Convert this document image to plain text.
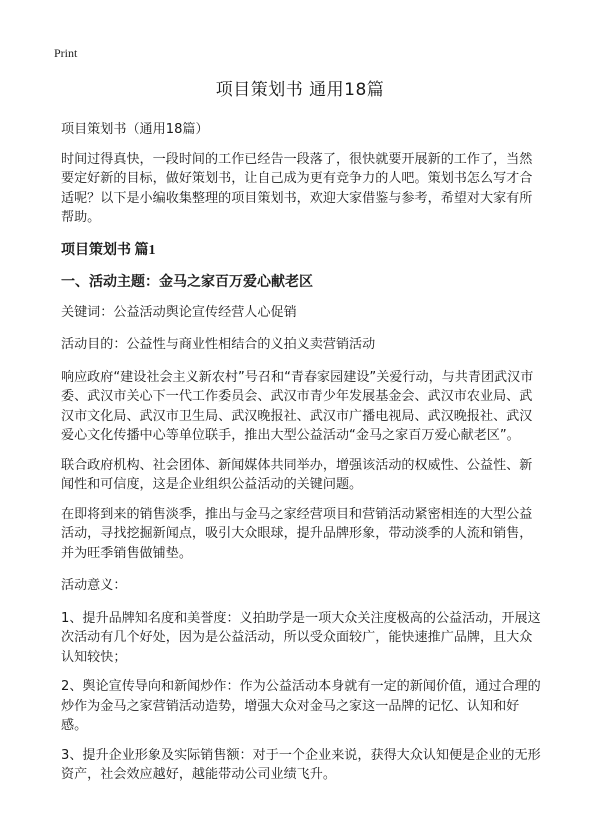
Print
项目策划书 通用18篇

项目策划书（通用18篇）

时间过得真快，一段时间的工作已经告一段落了，很快就要开展新的工作了，当然要定好新的目标，做好策划书，让自己成为更有竞争力的人吧。策划书怎么写才合适呢？以下是小编收集整理的项目策划书，欢迎大家借鉴与参考，希望对大家有所帮助。

项目策划书 篇1

一、活动主题：金马之家百万爱心献老区

关键词：公益活动舆论宣传经营人心促销

活动目的：公益性与商业性相结合的义拍义卖营销活动

响应政府“建设社会主义新农村”号召和“青春家园建设”关爱行动，与共青团武汉市委、武汉市关心下一代工作委员会、武汉市青少年发展基金会、武汉市农业局、武汉市文化局、武汉市卫生局、武汉晚报社、武汉市广播电视局、武汉晚报社、武汉爱心文化传播中心等单位联手，推出大型公益活动“金马之家百万爱心献老区”。

联合政府机构、社会团体、新闻媒体共同举办，增强该活动的权威性、公益性、新闻性和可信度，这是企业组织公益活动的关键问题。

在即将到来的销售淡季，推出与金马之家经营项目和营销活动紧密相连的大型公益活动，寻找挖掘新闻点，吸引大众眼球，提升品牌形象，带动淡季的人流和销售，并为旺季销售做铺垫。

活动意义：

1、提升品牌知名度和美誉度：义拍助学是一项大众关注度极高的公益活动，开展这次活动有几个好处，因为是公益活动，所以受众面较广，能快速推广品牌，且大众认知较快；

2、舆论宣传导向和新闻炒作：作为公益活动本身就有一定的新闻价值，通过合理的炒作为金马之家营销活动造势，增强大众对金马之家这一品牌的记忆、认知和好感。

3、提升企业形象及实际销售额：对于一个企业来说，获得大众认知便是企业的无形资产，社会效应越好，越能带动公司业绩飞升。
